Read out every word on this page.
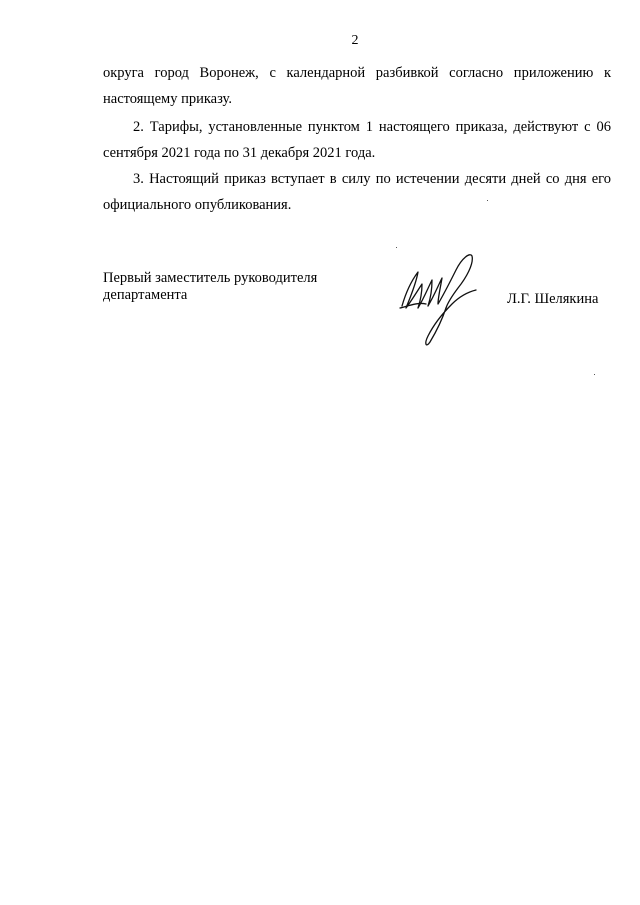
2
округа город Воронеж, с календарной разбивкой согласно приложению к настоящему приказу.
2. Тарифы, установленные пунктом 1 настоящего приказа, действуют с 06 сентября 2021 года по 31 декабря 2021 года.
3. Настоящий приказ вступает в силу по истечении десяти дней со дня его официального опубликования.
Первый заместитель руководителя
департамента	Л.Г. Шелякина
